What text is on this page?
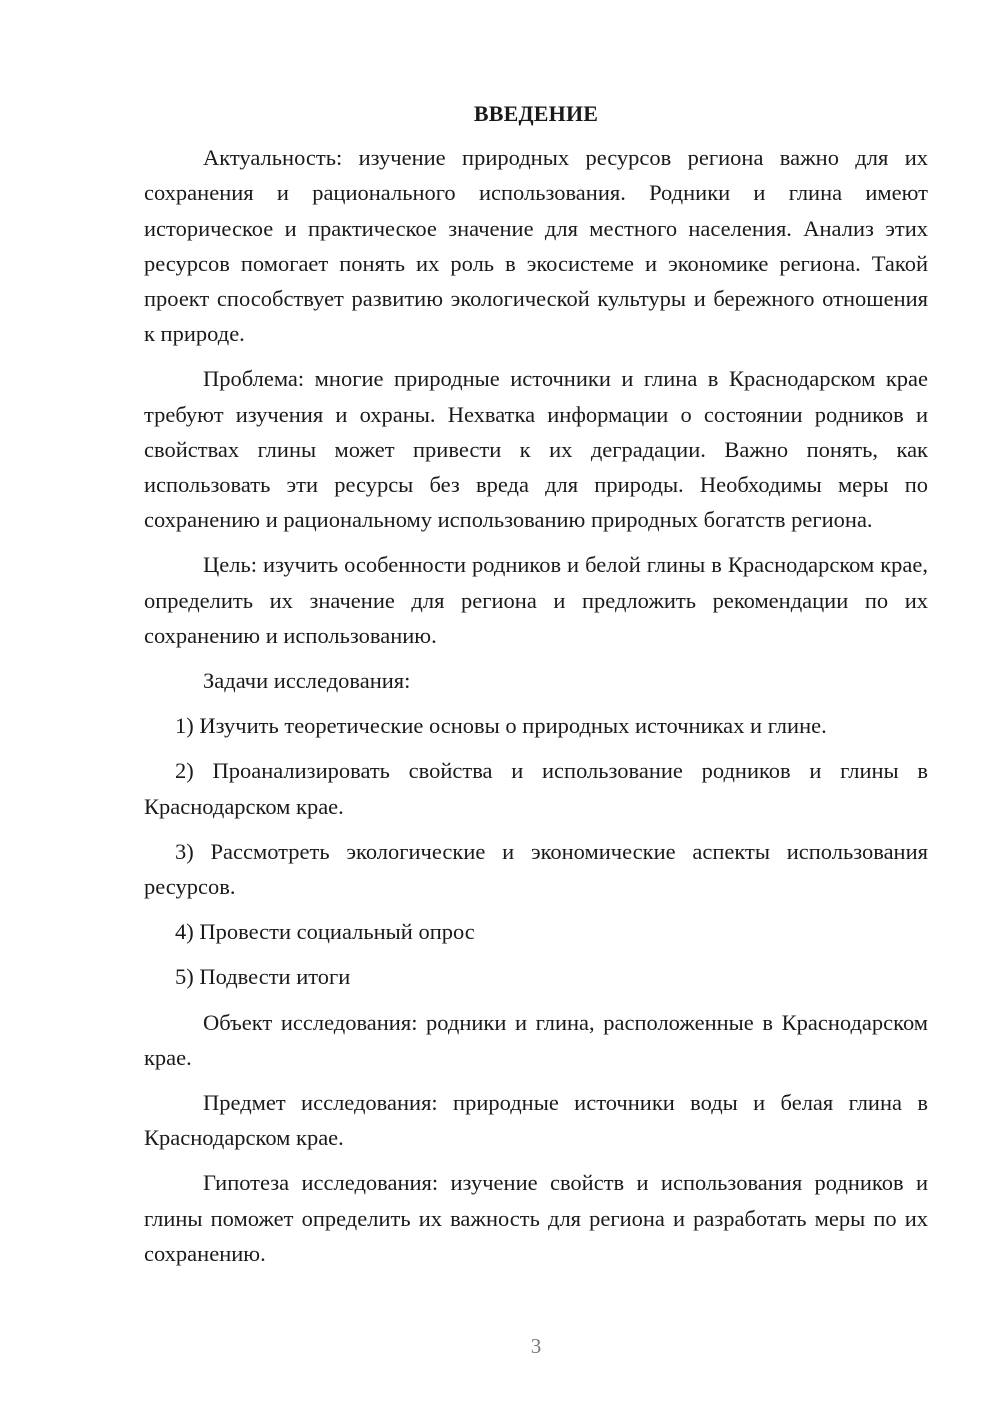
ВВЕДЕНИЕ

Актуальность: изучение природных ресурсов региона важно для их сохранения и рационального использования. Родники и глина имеют историческое и практическое значение для местного населения. Анализ этих ресурсов помогает понять их роль в экосистеме и экономике региона. Такой проект способствует развитию экологической культуры и бережного отношения к природе.

Проблема: многие природные источники и глина в Краснодарском крае требуют изучения и охраны. Нехватка информации о состоянии родников и свойствах глины может привести к их деградации. Важно понять, как использовать эти ресурсы без вреда для природы. Необходимы меры по сохранению и рациональному использованию природных богатств региона.

Цель: изучить особенности родников и белой глины в Краснодарском крае, определить их значение для региона и предложить рекомендации по их сохранению и использованию.

Задачи исследования:

1) Изучить теоретические основы о природных источниках и глине.

2) Проанализировать свойства и использование родников и глины в Краснодарском крае.

3) Рассмотреть экологические и экономические аспекты использования ресурсов.

4) Провести социальный опрос

5) Подвести итоги

Объект исследования: родники и глина, расположенные в Краснодарском крае.

Предмет исследования: природные источники воды и белая глина в Краснодарском крае.

Гипотеза исследования: изучение свойств и использования родников и глины поможет определить их важность для региона и разработать меры по их сохранению.

3
